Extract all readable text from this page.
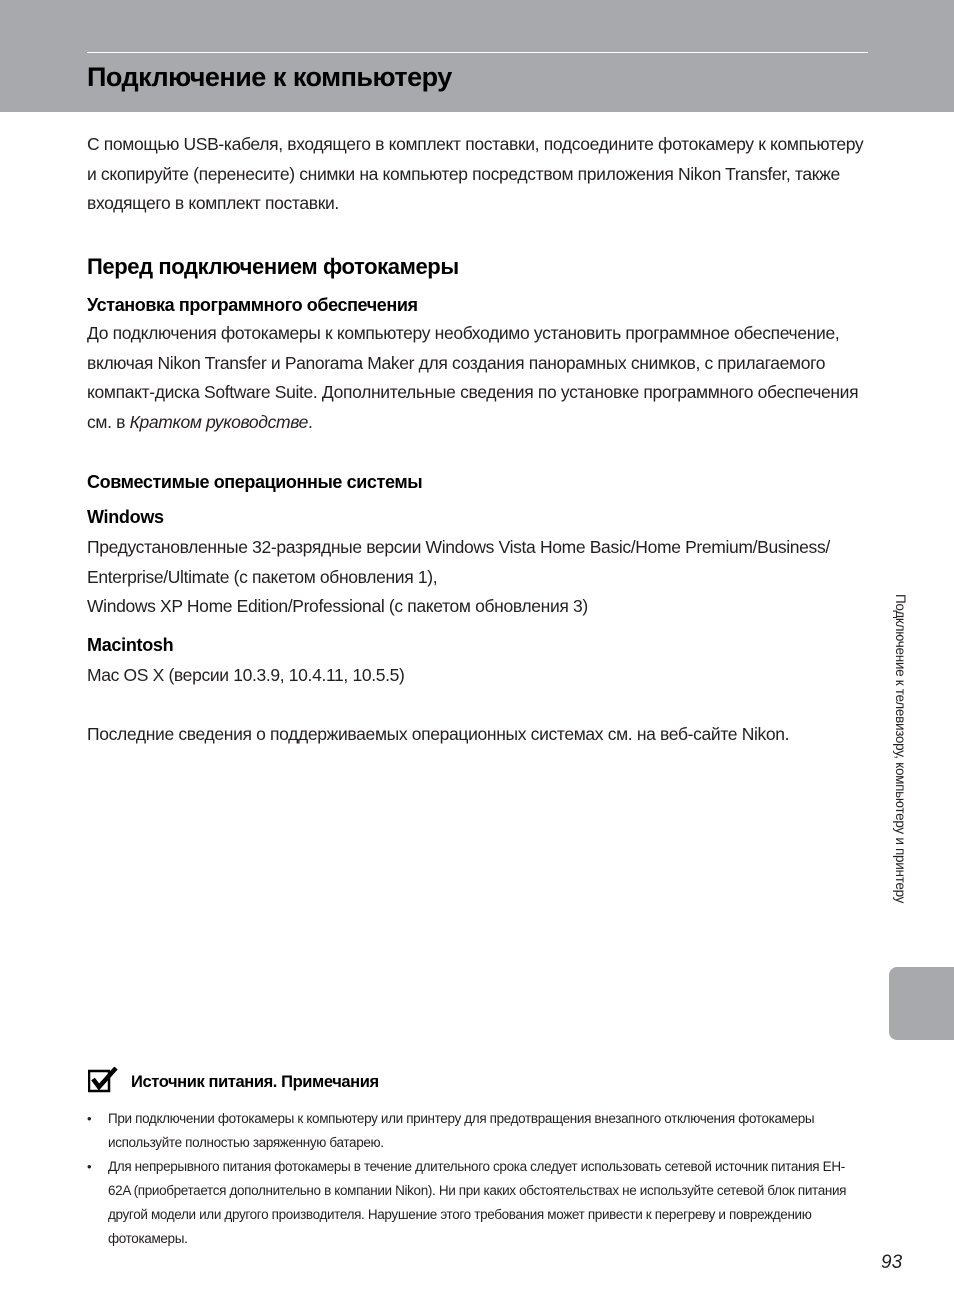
Подключение к компьютеру

С помощью USB-кабеля, входящего в комплект поставки, подсоедините фотокамеру к компьютеру и скопируйте (перенесите) снимки на компьютер посредством приложения Nikon Transfer, также входящего в комплект поставки.

Перед подключением фотокамеры
Установка программного обеспечения

До подключения фотокамеры к компьютеру необходимо установить программное обеспечение, включая Nikon Transfer и Panorama Maker для создания панорамных снимков, с прилагаемого компакт-диска Software Suite. Дополнительные сведения по установке программного обеспечения см. в Кратком руководстве.

Совместимые операционные системы
Windows

Предустановленные 32-разрядные версии Windows Vista Home Basic/Home Premium/Business/ Enterprise/Ultimate (с пакетом обновления 1),

Windows XP Home Edition/Professional (с пакетом обновления 3)

Macintosh

Mac OS X (версии 10.3.9, 10.4.11, 10.5.5)

Последние сведения о поддерживаемых операционных системах см. на веб-сайте Nikon.	Подключение к телевизору, компьютеру и принтеру
Источник питания. Примечания
• При подключении фотокамеры к компьютеру или принтеру для предотвращения внезапного отключения фотокамеры используйте полностью заряженную батарею.
• Для непрерывного питания фотокамеры в течение длительного срока следует использовать сетевой источник питания EH-62A (приобретается дополнительно в компании Nikon). Ни при каких обстоятельствах не используйте сетевой блок питания другой модели или другого производителя. Нарушение этого требования может привести к перегреву и повреждению фотокамеры.

93
